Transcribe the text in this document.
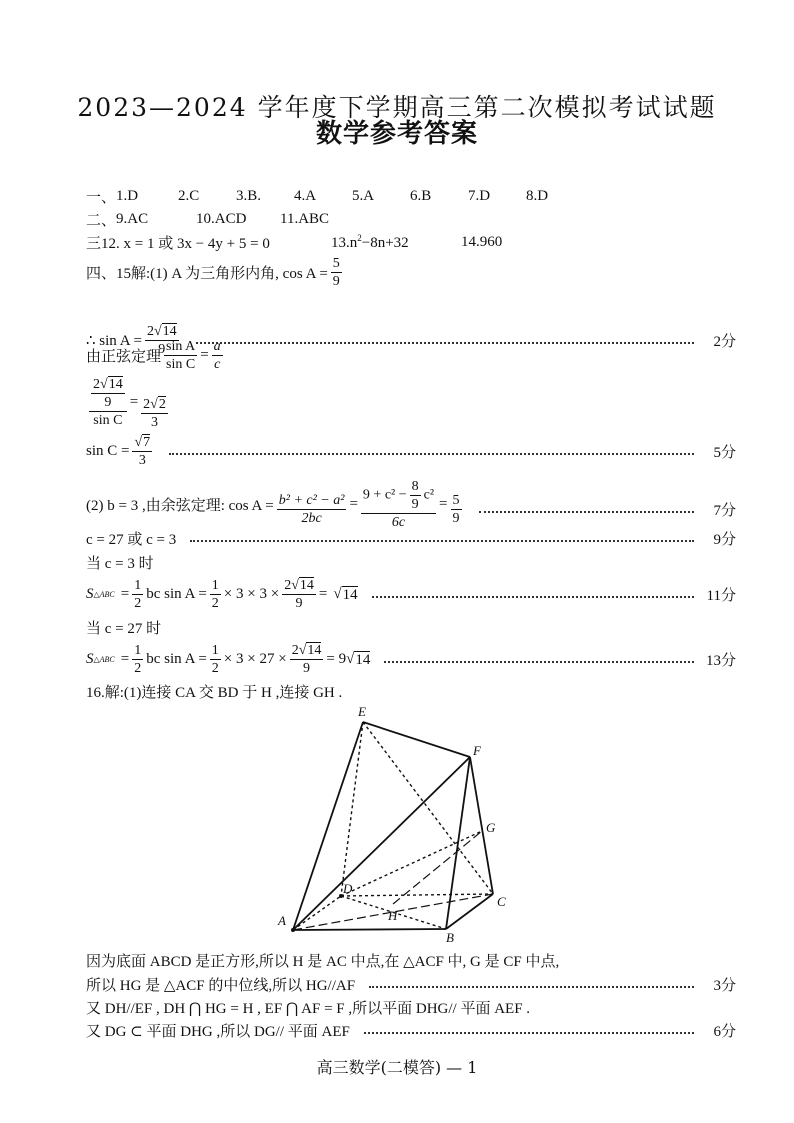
2023—2024 学年度下学期高三第二次模拟考试试题
数学参考答案
一、 1.D	2.C	3.B.	4.A	5.A	6.B	7.D	8.D
二、 9.AC	10.ACD	11.ABC
三 12. x = 1 或 3x − 4y + 5 = 0	$13.n^2-8n+32$	14.960
四、15解:(1) A 为三角形内角, $\cos A = \frac{5}{9}$
∴ $\sin A = \frac{2√14}{9}$	2分
由正弦定理 $\frac{\text{sin A}}{\text{sin C}} = \frac{a}{c}$
$\frac{\frac{2√14}{9}}{\text{sin C}} = \frac{2√2}{3}$
$\sin C = \frac{√7}{3}$	5分
(2) b = 3 ,由余弦定理: $\cos A = \frac{\text{b² + c² − a²}}{2bc} = \frac{9 + c^2 - \frac{8}{9} c^2}{6c} = \frac{5}{9}$	7分
c = 27 或 c = 3	9分
当 c = 3 时
S △ABC = $\frac{1}{2}$ bc $\sin A = \frac{1}{2} \times 3 \times 3 \times \frac{2√14}{9}$ = √ 14	11分
当 c = 27 时
S △ABC = $\frac{1}{2}$ bc $\sin A = \frac{1}{2} \times 3 \times 27 \times \frac{2√14}{9} = 9$ √ 14	13分
16.解:(1)连接 CA 交 BD 于 H ,连接 GH .
E
F
G
C
B
A
D
H
因为底面 ABCD 是正方形,所以 H 是 AC 中点,在 △ACF 中, G 是 CF 中点,
所以 HG 是 △ACF 的中位线,所以 HG//AF	3分
又 DH//EF , DH ⋂ HG = H , EF ⋂ AF = F ,所以平面 DHG// 平面 AEF .
又 DG ⊂ 平面 DHG ,所以 DG// 平面 AEF	6分
高三数学(二模答) — 1
